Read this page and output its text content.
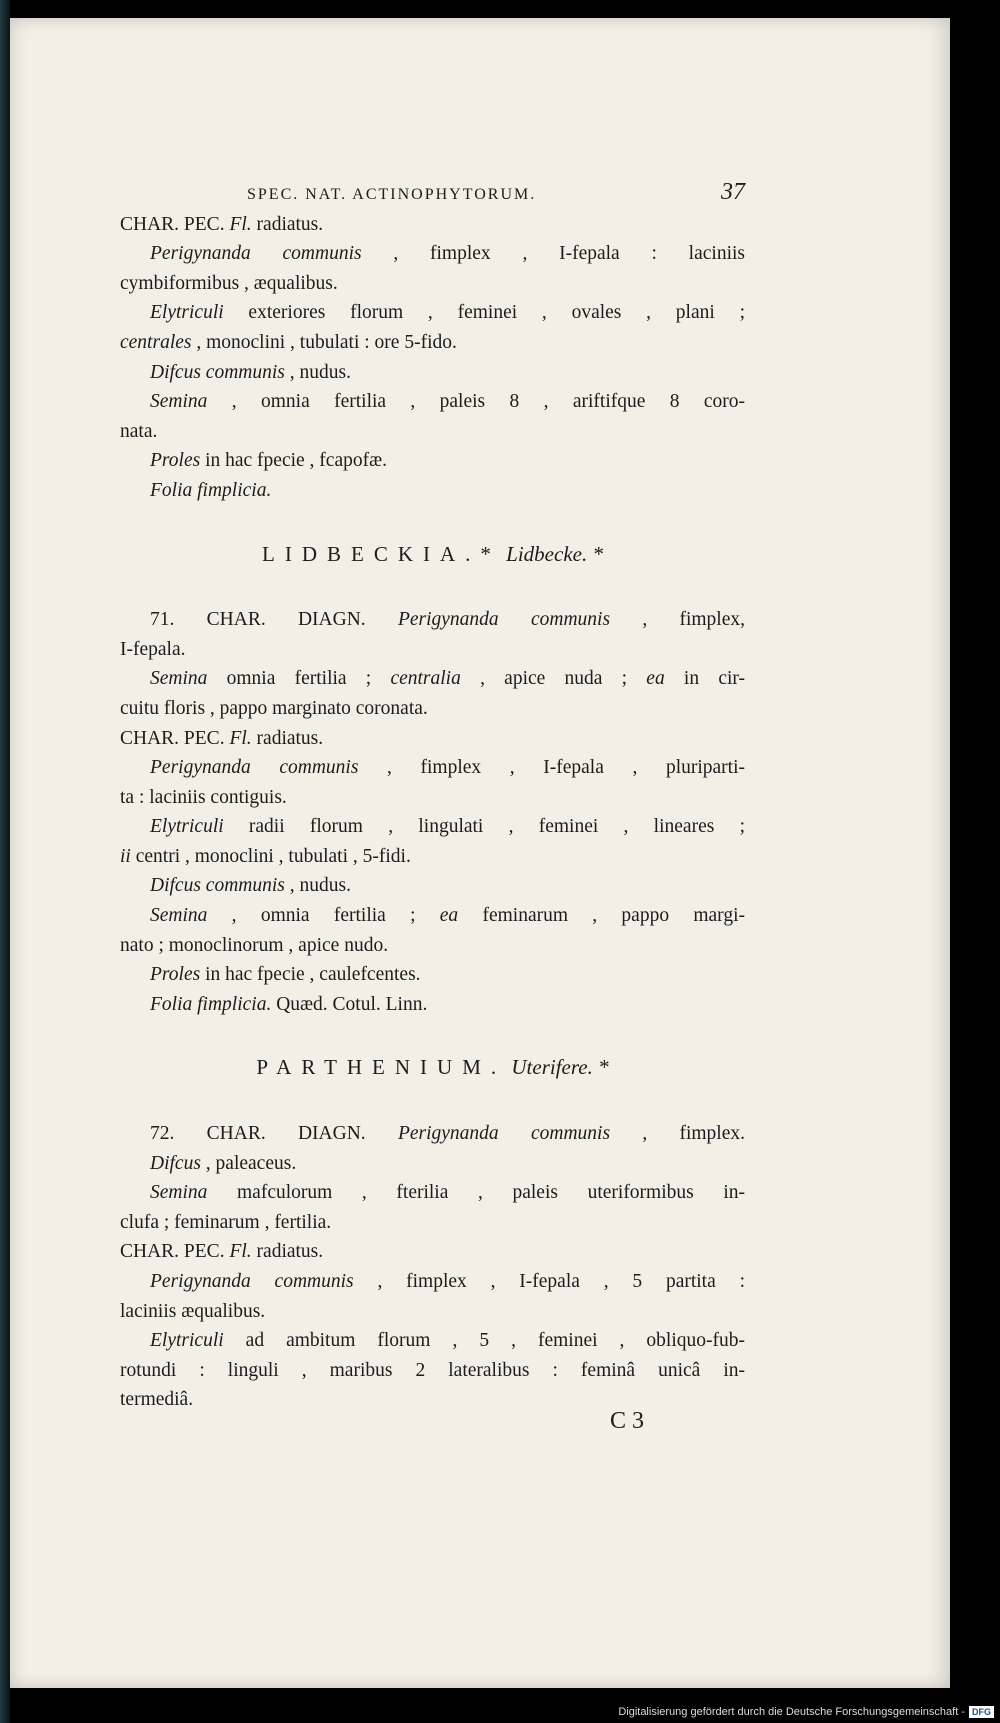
SPEC. NAT. ACTINOPHYTORUM.	37
CHAR. PEC. Fl. radiatus.
Perigynanda communis , fimplex , I-fepala : laciniis
cymbiformibus , æqualibus.
Elytriculi exteriores florum , feminei , ovales , plani ;
centrales , monoclini , tubulati : ore 5-fido.
Difcus communis , nudus.
Semina , omnia fertilia , paleis 8 , ariftifque 8 coro-
nata.
Proles in hac fpecie , fcapofæ.
Folia fimplicia.
LIDBECKIA.* Lidbecke. *
71. CHAR. DIAGN. Perigynanda communis , fimplex,
I-fepala.
Semina omnia fertilia ; centralia , apice nuda ; ea in cir-
cuitu floris , pappo marginato coronata.
CHAR. PEC. Fl. radiatus.
Perigynanda communis , fimplex , I-fepala , pluriparti-
ta : laciniis contiguis.
Elytriculi radii florum , lingulati , feminei , lineares ;
ii centri , monoclini , tubulati , 5-fidi.
Difcus communis , nudus.
Semina , omnia fertilia ; ea feminarum , pappo margi-
nato ; monoclinorum , apice nudo.
Proles in hac fpecie , caulefcentes.
Folia fimplicia. Quæd. Cotul. Linn.
PARTHENIUM. Uterifere. *
72. CHAR. DIAGN. Perigynanda communis , fimplex.
Difcus , paleaceus.
Semina mafculorum , fterilia , paleis uteriformibus in-
clufa ; feminarum , fertilia.
CHAR. PEC. Fl. radiatus.
Perigynanda communis , fimplex , I-fepala , 5 partita :
laciniis æqualibus.
Elytriculi ad ambitum florum , 5 , feminei , obliquo-fub-
rotundi : linguli , maribus 2 lateralibus : feminâ unicâ in-
termediâ.
C 3
Digitalisierung gefördert durch die Deutsche Forschungsgemeinschaft - DFG
